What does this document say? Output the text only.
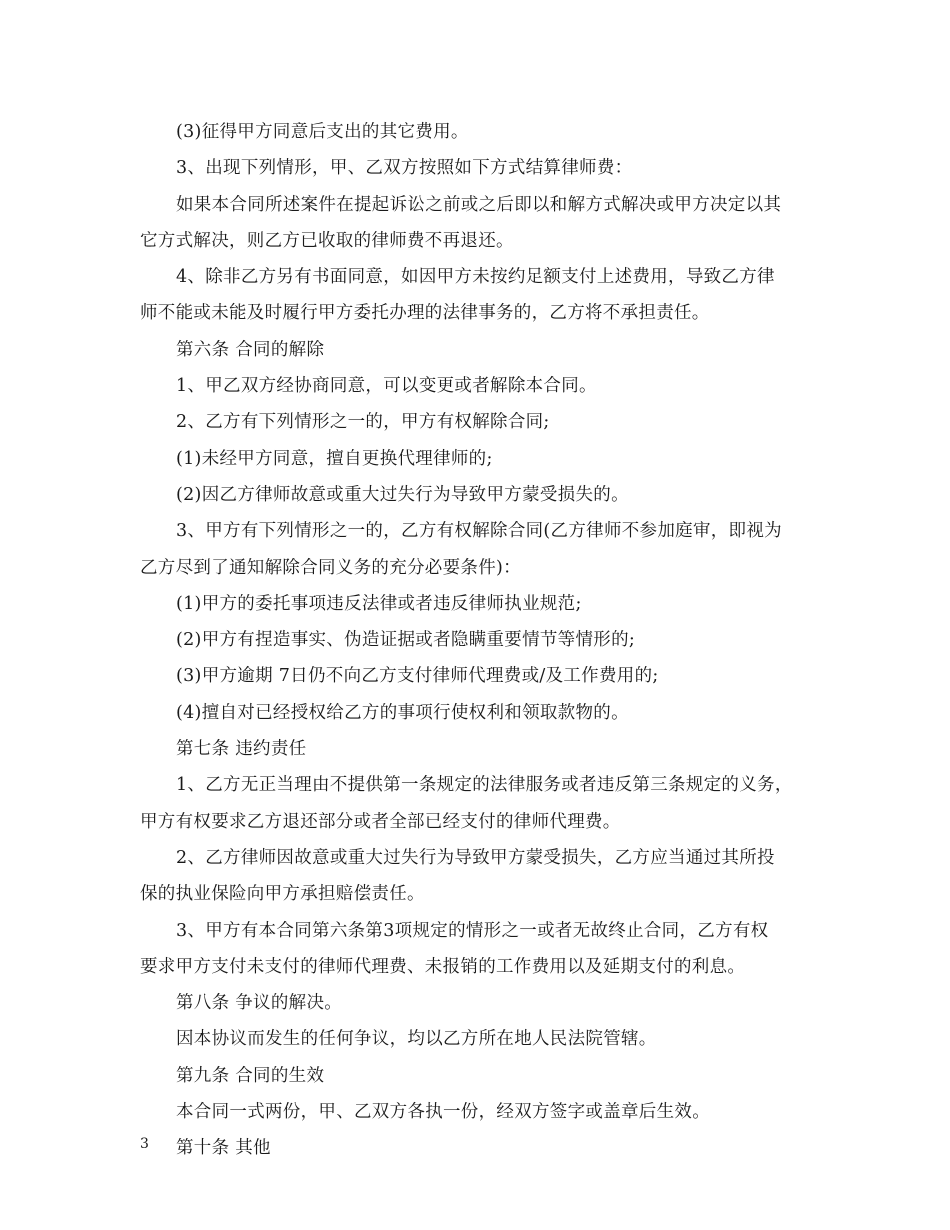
(3)征得甲方同意后支出的其它费用。
3、出现下列情形，甲、乙双方按照如下方式结算律师费：
如果本合同所述案件在提起诉讼之前或之后即以和解方式解决或甲方决定以其
它方式解决，则乙方已收取的律师费不再退还。
4、除非乙方另有书面同意，如因甲方未按约足额支付上述费用，导致乙方律
师不能或未能及时履行甲方委托办理的法律事务的，乙方将不承担责任。
第六条 合同的解除
1、甲乙双方经协商同意，可以变更或者解除本合同。
2、乙方有下列情形之一的，甲方有权解除合同;
(1)未经甲方同意，擅自更换代理律师的;
(2)因乙方律师故意或重大过失行为导致甲方蒙受损失的。
3、甲方有下列情形之一的，乙方有权解除合同(乙方律师不参加庭审，即视为
乙方尽到了通知解除合同义务的充分必要条件)：
(1)甲方的委托事项违反法律或者违反律师执业规范;
(2)甲方有捏造事实、伪造证据或者隐瞒重要情节等情形的;
(3)甲方逾期 7日仍不向乙方支付律师代理费或/及工作费用的;
(4)擅自对已经授权给乙方的事项行使权利和领取款物的。
第七条 违约责任
1、乙方无正当理由不提供第一条规定的法律服务或者违反第三条规定的义务，
甲方有权要求乙方退还部分或者全部已经支付的律师代理费。
2、乙方律师因故意或重大过失行为导致甲方蒙受损失，乙方应当通过其所投
保的执业保险向甲方承担赔偿责任。
3、甲方有本合同第六条第3项规定的情形之一或者无故终止合同，乙方有权
要求甲方支付未支付的律师代理费、未报销的工作费用以及延期支付的利息。
第八条 争议的解决。
因本协议而发生的任何争议，均以乙方所在地人民法院管辖。
第九条 合同的生效
本合同一式两份，甲、乙双方各执一份，经双方签字或盖章后生效。
第十条 其他
3
